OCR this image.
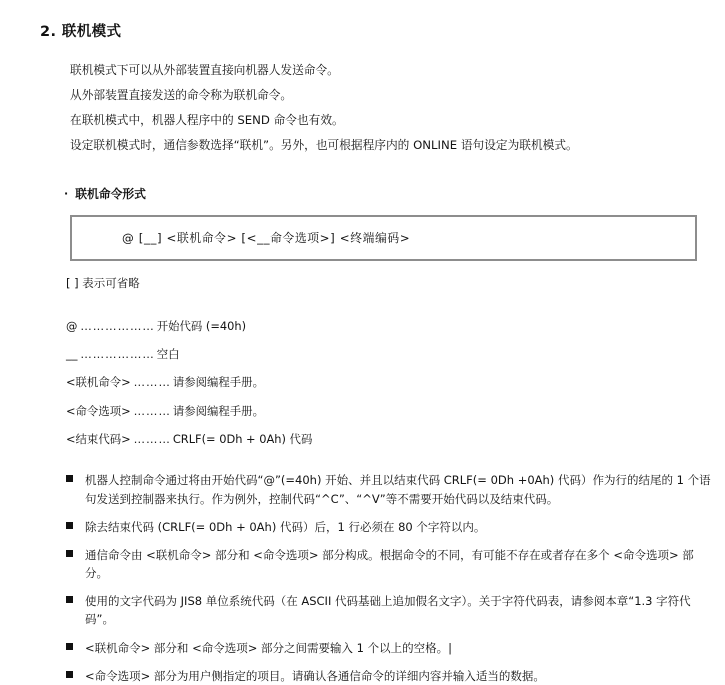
2. 联机模式

联机模式下可以从外部装置直接向机器人发送命令。

从外部装置直接发送的命令称为联机命令。

在联机模式中，机器人程序中的 SEND 命令也有效。

设定联机模式时，通信参数选择“联机”。另外，也可根据程序内的 ONLINE 语句设定为联机模式。

· 联机命令形式
@ [__] <联机命令> [<__命令选项>] <终端编码>
[ ] 表示可省略
@ ……………… 开始代码 (=40h)
__ ……………… 空白
<联机命令> ……… 请参阅编程手册。
<命令选项> ……… 请参阅编程手册。
<结束代码> ……… CRLF(= 0Dh + 0Ah) 代码
机器人控制命令通过将由开始代码“@”(=40h) 开始、并且以结束代码 CRLF(= 0Dh +0Ah) 代码）作为行的结尾的 1 个语句发送到控制器来执行。作为例外，控制代码“^C”、“^V”等不需要开始代码以及结束代码。
除去结束代码 (CRLF(= 0Dh + 0Ah) 代码）后，1 行必须在 80 个字符以内。
通信命令由 <联机命令> 部分和 <命令选项> 部分构成。根据命令的不同，有可能不存在或者存在多个 <命令选项> 部分。
使用的文字代码为 JIS8 单位系统代码（在 ASCII 代码基础上追加假名文字）。关于字符代码表，请参阅本章“1.3 字符代码”。
<联机命令> 部分和 <命令选项> 部分之间需要输入 1 个以上的空格。|
<命令选项> 部分为用户侧指定的项目。请确认各通信命令的详细内容并输入适当的数据。
